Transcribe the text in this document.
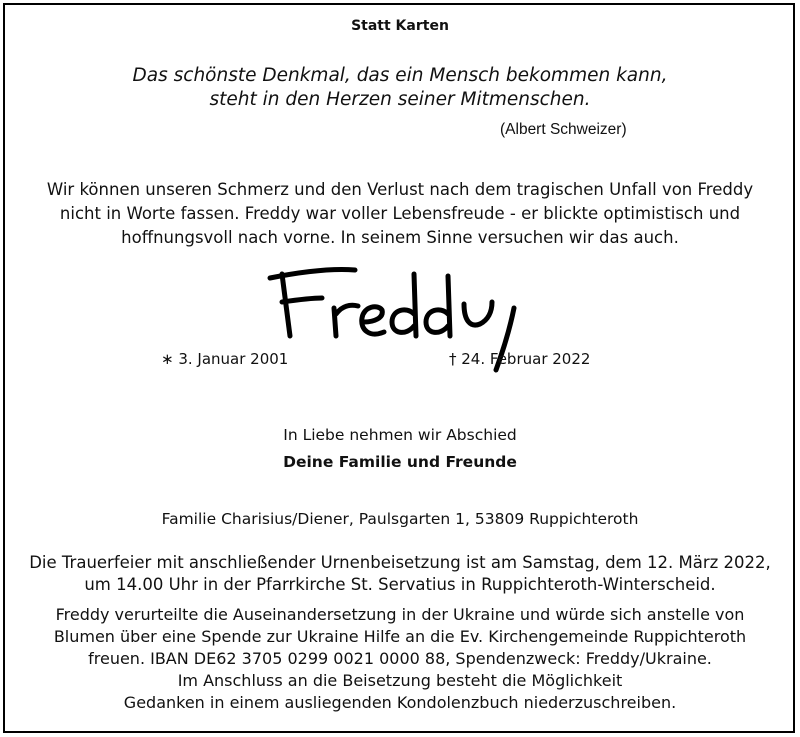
Statt Karten
Das schönste Denkmal, das ein Mensch bekommen kann,
steht in den Herzen seiner Mitmenschen.
(Albert Schweizer)
Wir können unseren Schmerz und den Verlust nach dem tragischen Unfall von Freddy
nicht in Worte fassen. Freddy war voller Lebensfreude - er blickte optimistisch und
hoffnungsvoll nach vorne. In seinem Sinne versuchen wir das auch.
∗ 3. Januar 2001	† 24. Februar 2022
In Liebe nehmen wir Abschied
Deine Familie und Freunde
Familie Charisius/Diener, Paulsgarten 1, 53809 Ruppichteroth
Die Trauerfeier mit anschließender Urnenbeisetzung ist am Samstag, dem 12. März 2022,
um 14.00 Uhr in der Pfarrkirche St. Servatius in Ruppichteroth-Winterscheid.
Freddy verurteilte die Auseinandersetzung in der Ukraine und würde sich anstelle von
Blumen über eine Spende zur Ukraine Hilfe an die Ev. Kirchengemeinde Ruppichteroth
freuen. IBAN DE62 3705 0299 0021 0000 88, Spendenzweck: Freddy/Ukraine.
Im Anschluss an die Beisetzung besteht die Möglichkeit
Gedanken in einem ausliegenden Kondolenzbuch niederzuschreiben.
